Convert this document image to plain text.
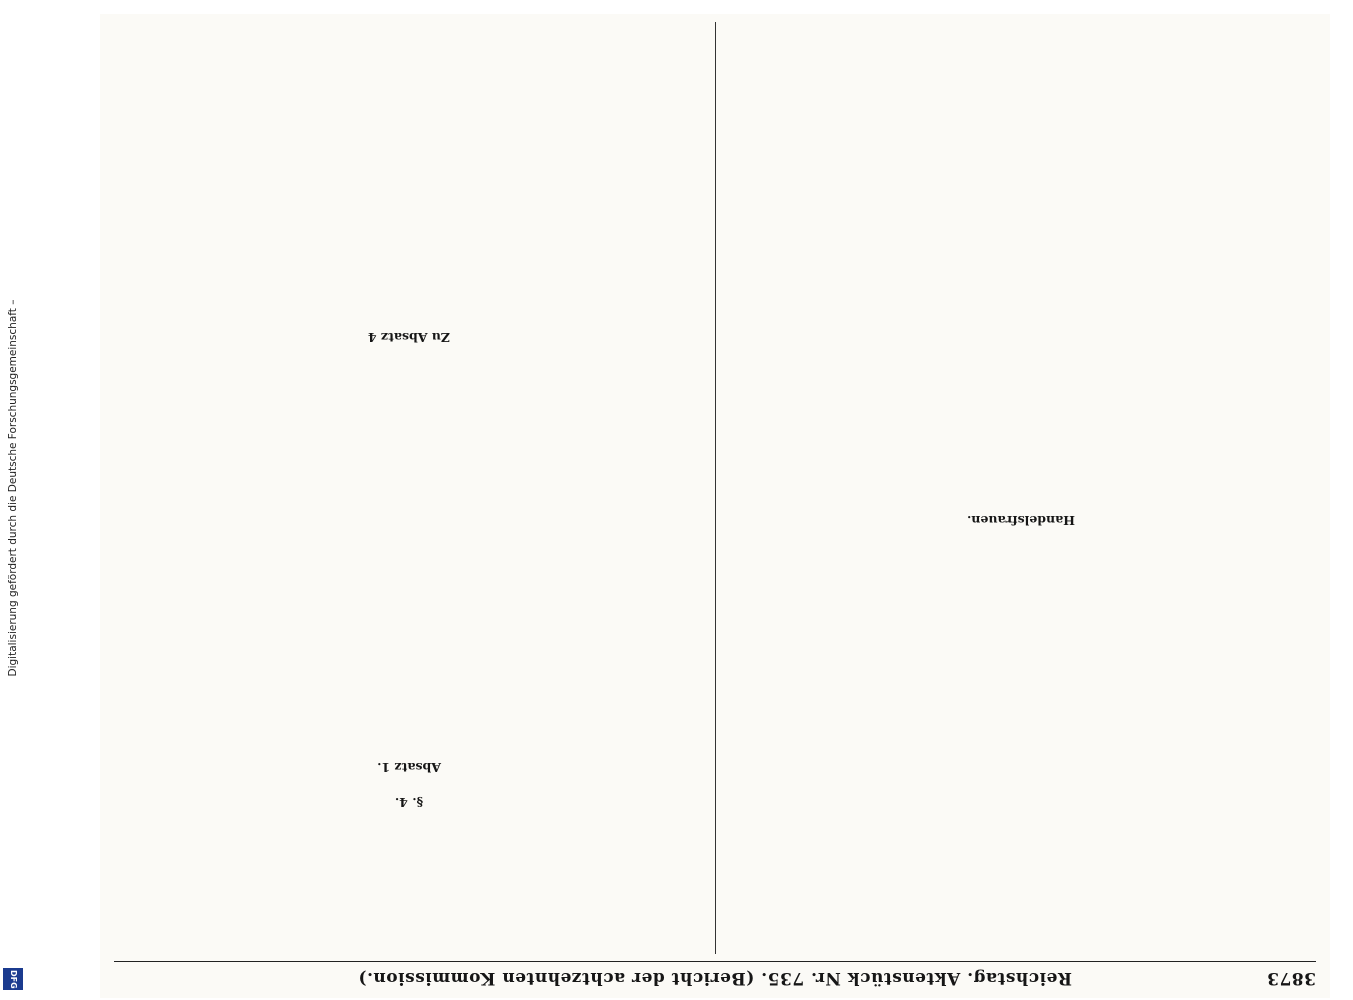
Digitalisierung gefördert durch die Deutsche Forschungsgemeinschaft –
DFG	Reichstag. Aktenstück Nr. 735. (Bericht der achtzehnten Kommission.)	3873
Handelsfrauen.
§. 4.
Absatz 1.
Zu Absatz 4
